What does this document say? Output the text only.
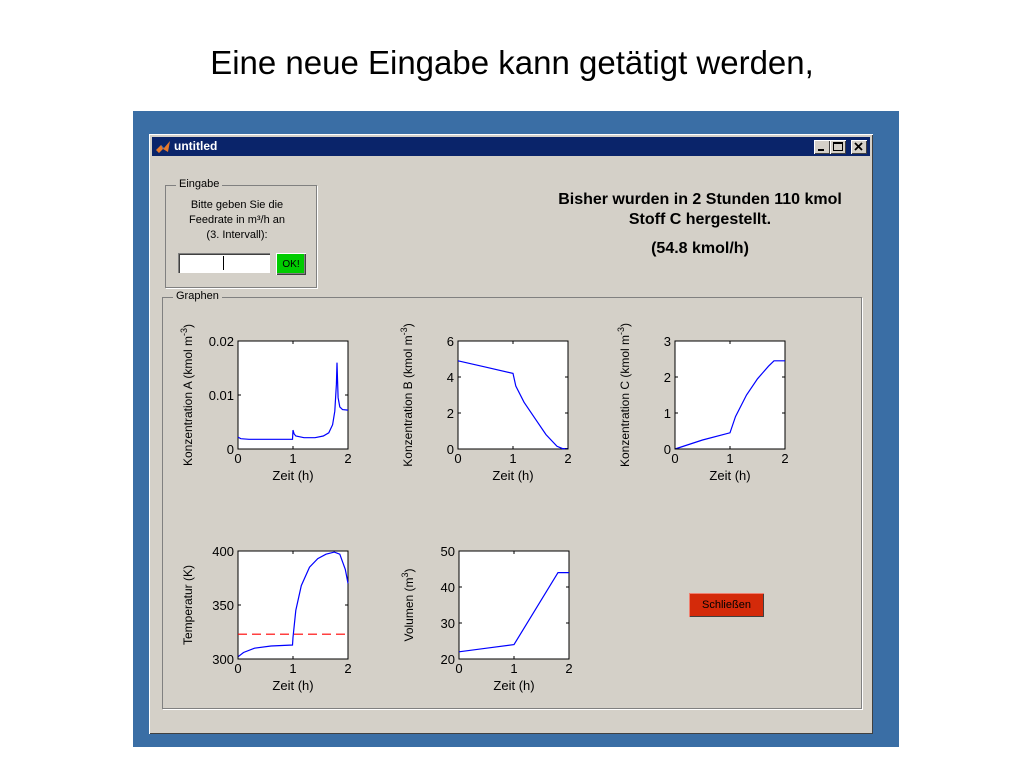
Eine neue Eingabe kann getätigt werden,
untitled
Eingabe
Bitte geben Sie die
Feedrate in m³/h an
(3. Intervall):
OK!
Bisher wurden in 2 Stunden 110 kmol Stoff C hergestellt.
(54.8 kmol/h)
Graphen
0	1	2
0
0.01
0.02
Zeit (h)
Konzentration A (kmol $m^{-3}$)
0	1	2
0
2
4
6
Zeit (h)
Konzentration B (kmol $m^{-3}$)
0	1	2
0
1
2
3
Zeit (h)
Konzentration C (kmol $m^{-3}$)
0	1	2
300
350
400
Zeit (h)
Temperatur (K)
0	1	2
20
30
40
50
Zeit (h)
Volumen $(m^3)$
Schließen
